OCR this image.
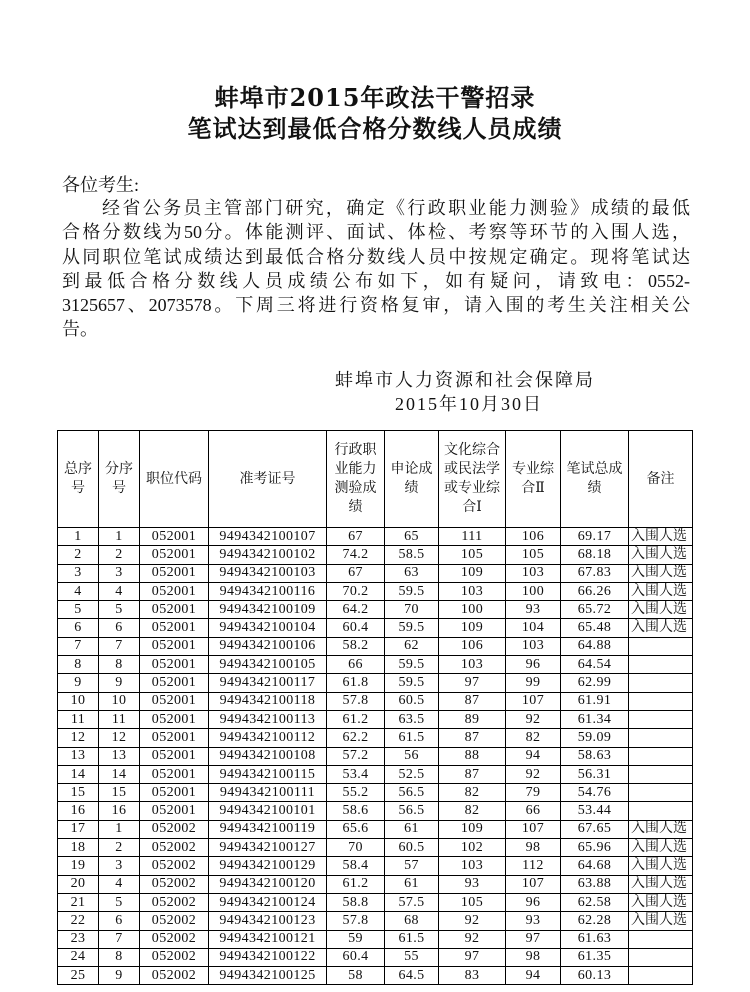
蚌埠市2015年政法干警招录
笔试达到最低合格分数线人员成绩
各位考生:
经省公务员主管部门研究，确定《行政职业能力测验》成绩的最低
合格分数线为50分。体能测评、面试、体检、考察等环节的入围人选，
从同职位笔试成绩达到最低合格分数线人员中按规定确定。现将笔试达
到最低合格分数线人员成绩公布如下，如有疑问，请致电：0552-
3125657、2073578。下周三将进行资格复审，请入围的考生关注相关公
告。
蚌埠市人力资源和社会保障局
2015年10月30日
总序号	分序号	职位代码	准考证号	行政职业能力测验成绩	申论成绩	文化综合或民法学或专业综合Ⅰ	专业综合Ⅱ	笔试总成绩	备注
1	1	052001	9494342100107	67	65	111	106	69.17	入围人选
2	2	052001	9494342100102	74.2	58.5	105	105	68.18	入围人选
3	3	052001	9494342100103	67	63	109	103	67.83	入围人选
4	4	052001	9494342100116	70.2	59.5	103	100	66.26	入围人选
5	5	052001	9494342100109	64.2	70	100	93	65.72	入围人选
6	6	052001	9494342100104	60.4	59.5	109	104	65.48	入围人选
7	7	052001	9494342100106	58.2	62	106	103	64.88	
8	8	052001	9494342100105	66	59.5	103	96	64.54	
9	9	052001	9494342100117	61.8	59.5	97	99	62.99	
10	10	052001	9494342100118	57.8	60.5	87	107	61.91	
11	11	052001	9494342100113	61.2	63.5	89	92	61.34	
12	12	052001	9494342100112	62.2	61.5	87	82	59.09	
13	13	052001	9494342100108	57.2	56	88	94	58.63	
14	14	052001	9494342100115	53.4	52.5	87	92	56.31	
15	15	052001	9494342100111	55.2	56.5	82	79	54.76	
16	16	052001	9494342100101	58.6	56.5	82	66	53.44	
17	1	052002	9494342100119	65.6	61	109	107	67.65	入围人选
18	2	052002	9494342100127	70	60.5	102	98	65.96	入围人选
19	3	052002	9494342100129	58.4	57	103	112	64.68	入围人选
20	4	052002	9494342100120	61.2	61	93	107	63.88	入围人选
21	5	052002	9494342100124	58.8	57.5	105	96	62.58	入围人选
22	6	052002	9494342100123	57.8	68	92	93	62.28	入围人选
23	7	052002	9494342100121	59	61.5	92	97	61.63	
24	8	052002	9494342100122	60.4	55	97	98	61.35	
25	9	052002	9494342100125	58	64.5	83	94	60.13	
